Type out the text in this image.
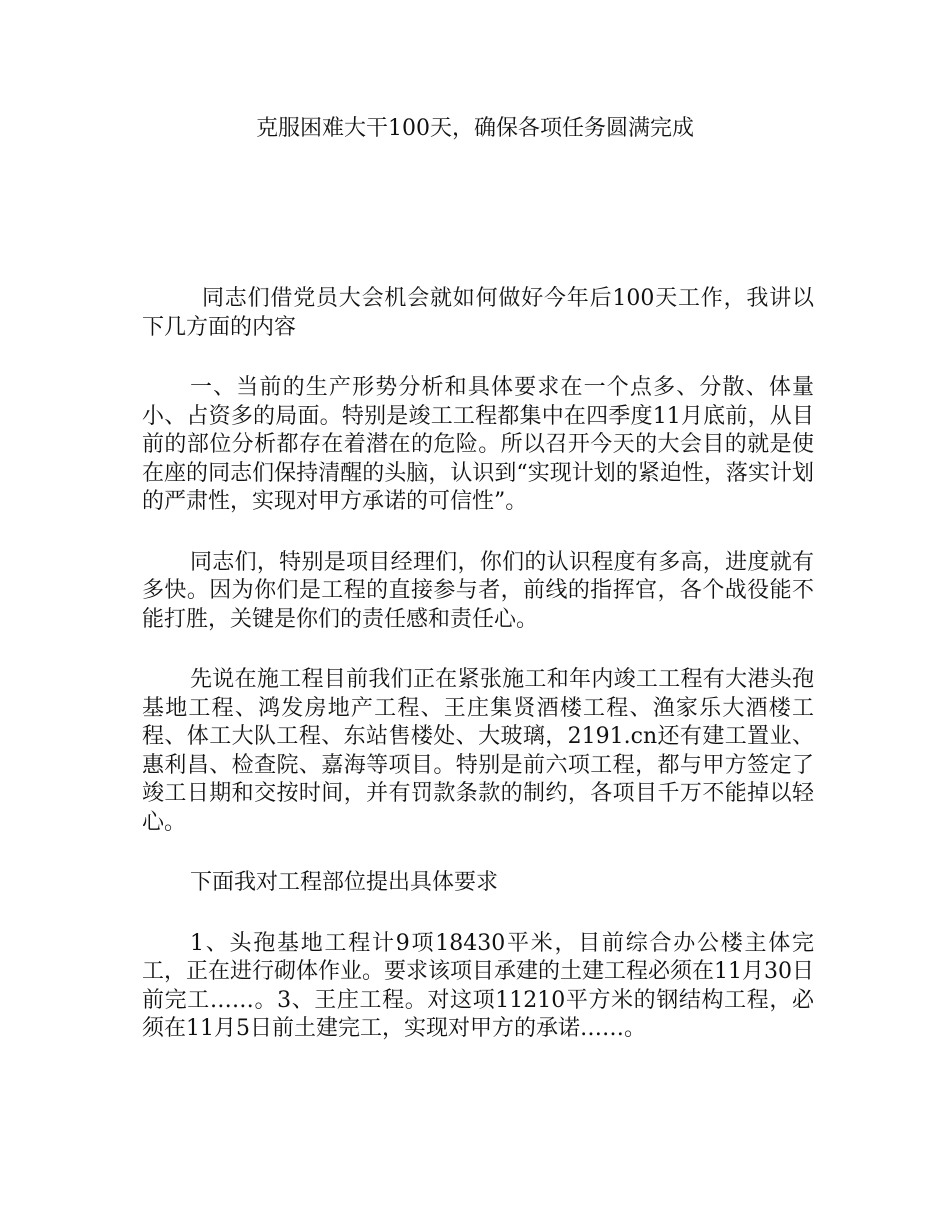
克服困难大干100天，确保各项任务圆满完成

同志们借党员大会机会就如何做好今年后100天工作，我讲以下几方面的内容

一、当前的生产形势分析和具体要求在一个点多、分散、体量小、占资多的局面。特别是竣工工程都集中在四季度11月底前，从目前的部位分析都存在着潜在的危险。所以召开今天的大会目的就是使在座的同志们保持清醒的头脑，认识到“实现计划的紧迫性，落实计划的严肃性，实现对甲方承诺的可信性”。

同志们，特别是项目经理们，你们的认识程度有多高，进度就有多快。因为你们是工程的直接参与者，前线的指挥官，各个战役能不能打胜，关键是你们的责任感和责任心。

先说在施工程目前我们正在紧张施工和年内竣工工程有大港头孢基地工程、鸿发房地产工程、王庄集贤酒楼工程、渔家乐大酒楼工程、体工大队工程、东站售楼处、大玻璃，2191.cn还有建工置业、惠利昌、检查院、嘉海等项目。特别是前六项工程，都与甲方签定了竣工日期和交按时间，并有罚款条款的制约，各项目千万不能掉以轻心。

下面我对工程部位提出具体要求

1、头孢基地工程计9项18430平米，目前综合办公楼主体完工，正在进行砌体作业。要求该项目承建的土建工程必须在11月30日前完工……。3、王庄工程。对这项11210平方米的钢结构工程，必须在11月5日前土建完工，实现对甲方的承诺……。
